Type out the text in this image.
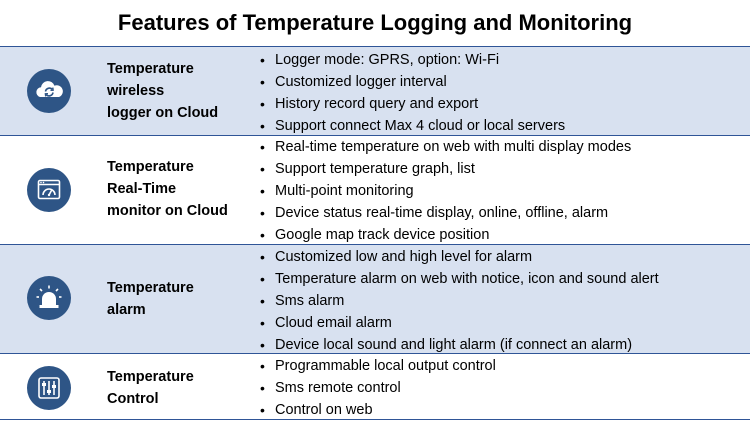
Features of Temperature Logging and Monitoring
Temperature
wireless
logger on Cloud
• Logger mode: GPRS, option: Wi-Fi
• Customized logger interval
• History record query and export
• Support connect Max 4 cloud or local servers
Temperature
Real-Time
monitor on Cloud
• Real-time temperature on web with multi display modes
• Support temperature graph, list
• Multi-point monitoring
• Device status real-time display, online, offline, alarm
• Google map track device position
Temperature
alarm
• Customized low and high level for alarm
• Temperature alarm on web with notice, icon and sound alert
• Sms alarm
• Cloud email alarm
• Device local sound and light alarm (if connect an alarm)
Temperature
Control
• Programmable local output control
• Sms remote control
• Control on web
